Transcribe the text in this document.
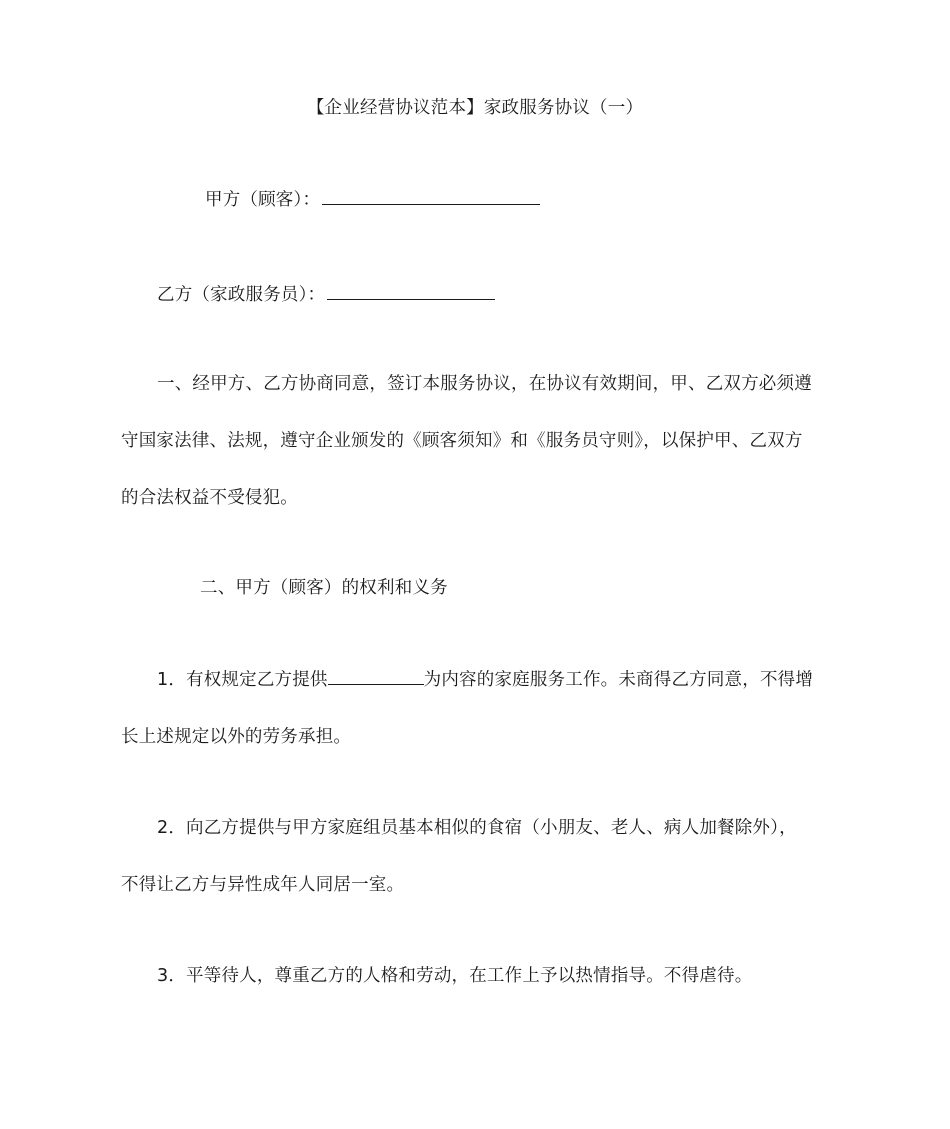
【企业经营协议范本】家政服务协议（一）
甲方（顾客）：
乙方（家政服务员）：
一、经甲方、乙方协商同意，签订本服务协议，在协议有效期间，甲、乙双方必须遵
守国家法律、法规，遵守企业颁发的《顾客须知》和《服务员守则》，以保护甲、乙双方
的合法权益不受侵犯。
二、甲方（顾客）的权利和义务
1．有权规定乙方提供	为内容的家庭服务工作。未商得乙方同意，不得增
长上述规定以外的劳务承担。
2．向乙方提供与甲方家庭组员基本相似的食宿（小朋友、老人、病人加餐除外），
不得让乙方与异性成年人同居一室。
3．平等待人，尊重乙方的人格和劳动，在工作上予以热情指导。不得虐待。
